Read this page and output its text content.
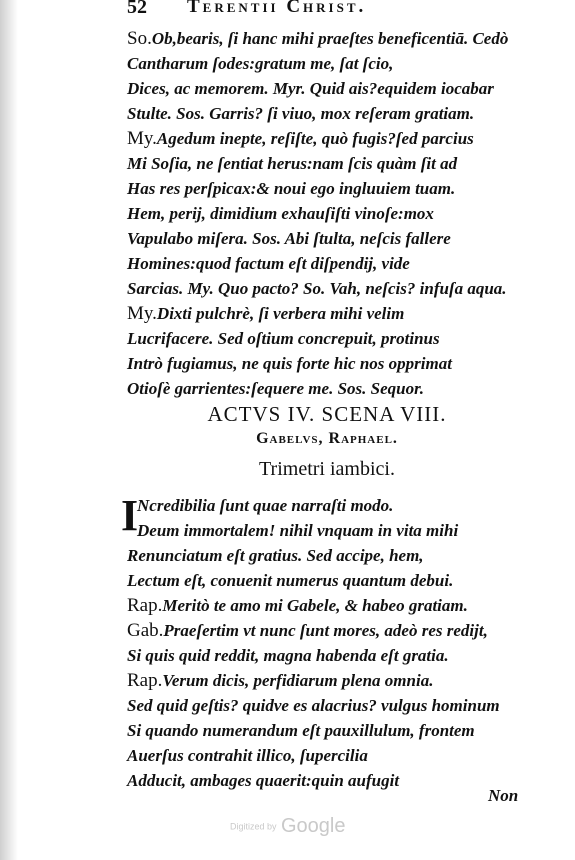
52 Terentii Christ.
So.Ob,bearis, ſi hanc mihi praeſtes beneficentiā. Cedò
Cantharum ſodes:gratum me, ſat ſcio,
Dices, ac memorem. Myr. Quid ais?equidem iocabar
Stulte. Sos. Garris? ſi viuo, mox reſeram gratiam.
My.Agedum inepte, reſiſte, quò fugis?ſed parcius
Mi Soſia, ne ſentiat herus:nam ſcis quàm ſit ad
Has res perſpicax:& noui ego ingluuiem tuam.
Hem, perij, dimidium exhauſiſti vinoſe:mox
Vapulabo miſera. Sos. Abi ſtulta, neſcis fallere
Homines:quod factum eſt diſpendij, vide
Sarcias. My. Quo pacto? So. Vah, neſcis? infuſa aqua.
My.Dixti pulchrè, ſi verbera mihi velim
Lucrifacere. Sed oſtium concrepuit, protinus
Intrò fugiamus, ne quis forte hic nos opprimat
Otioſè garrientes:ſequere me. Sos. Sequor.
ACTVS IV. SCENA VIII.
Gabelvs, Raphael.
Trimetri iambici.
I
Ncredibilia ſunt quae narraſti modo.
Deum immortalem! nihil vnquam in vita mihi
Renunciatum eſt gratius. Sed accipe, hem,
Lectum eſt, conuenit numerus quantum debui.
Rap.Meritò te amo mi Gabele, & habeo gratiam.
Gab.Praeſertim vt nunc ſunt mores, adeò res redijt,
Si quis quid reddit, magna habenda eſt gratia.
Rap.Verum dicis, perfidiarum plena omnia.
Sed quid geſtis? quidve es alacrius? vulgus hominum
Si quando numerandum eſt pauxillulum, frontem
Auerſus contrahit illico, ſupercilia
Adducit, ambages quaerit:quin aufugit
Non
Digitized by Google
